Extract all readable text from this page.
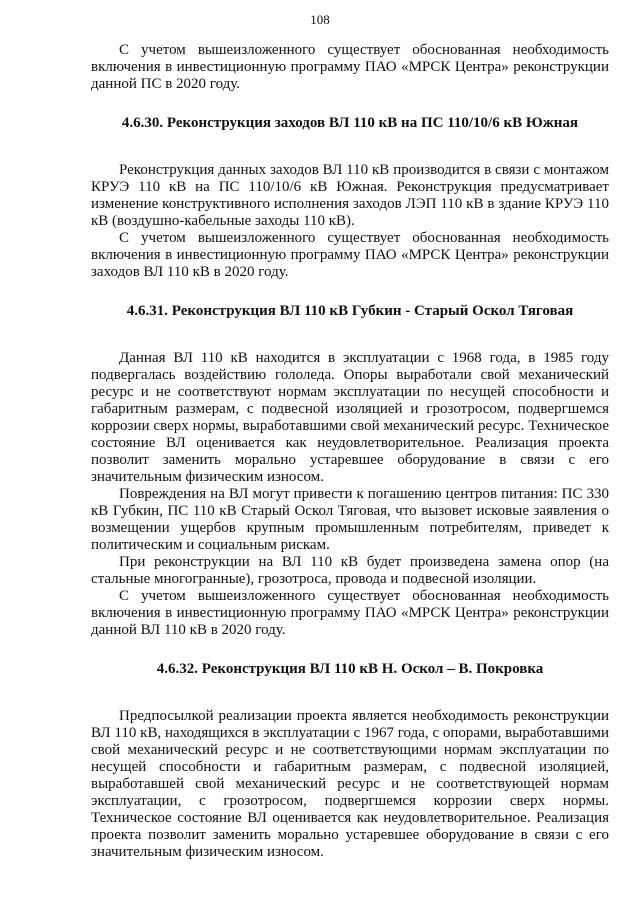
108

С учетом вышеизложенного существует обоснованная необходимость включения в инвестиционную программу ПАО «МРСК Центра» реконструкции данной ПС в 2020 году.

4.6.30. Реконструкция заходов ВЛ 110 кВ на ПС 110/10/6 кВ Южная

Реконструкция данных заходов ВЛ 110 кВ производится в связи с монтажом КРУЭ 110 кВ на ПС 110/10/6 кВ Южная. Реконструкция предусматривает изменение конструктивного исполнения заходов ЛЭП 110 кВ в здание КРУЭ 110 кВ (воздушно-кабельные заходы 110 кВ).

С учетом вышеизложенного существует обоснованная необходимость включения в инвестиционную программу ПАО «МРСК Центра» реконструкции заходов ВЛ 110 кВ в 2020 году.

4.6.31. Реконструкция ВЛ 110 кВ Губкин - Старый Оскол Тяговая

Данная ВЛ 110 кВ находится в эксплуатации с 1968 года, в 1985 году подвергалась воздействию гололеда. Опоры выработали свой механический ресурс и не соответствуют нормам эксплуатации по несущей способности и габаритным размерам, с подвесной изоляцией и грозотросом, подвергшемся коррозии сверх нормы, выработавшими свой механический ресурс. Техническое состояние ВЛ оценивается как неудовлетворительное. Реализация проекта позволит заменить морально устаревшее оборудование в связи с его значительным физическим износом.

Повреждения на ВЛ могут привести к погашению центров питания: ПС 330 кВ Губкин, ПС 110 кВ Старый Оскол Тяговая, что вызовет исковые заявления о возмещении ущербов крупным промышленным потребителям, приведет к политическим и социальным рискам.

При реконструкции на ВЛ 110 кВ будет произведена замена опор (на стальные многогранные), грозотроса, провода и подвесной изоляции.

С учетом вышеизложенного существует обоснованная необходимость включения в инвестиционную программу ПАО «МРСК Центра» реконструкции данной ВЛ 110 кВ в 2020 году.

4.6.32. Реконструкция ВЛ 110 кВ Н. Оскол – В. Покровка

Предпосылкой реализации проекта является необходимость реконструкции ВЛ 110 кВ, находящихся в эксплуатации с 1967 года, с опорами, выработавшими свой механический ресурс и не соответствующими нормам эксплуатации по несущей способности и габаритным размерам, с подвесной изоляцией, выработавшей свой механический ресурс и не соответствующей нормам эксплуатации, с грозотросом, подвергшемся коррозии сверх нормы. Техническое состояние ВЛ оценивается как неудовлетворительное. Реализация проекта позволит заменить морально устаревшее оборудование в связи с его значительным физическим износом.
